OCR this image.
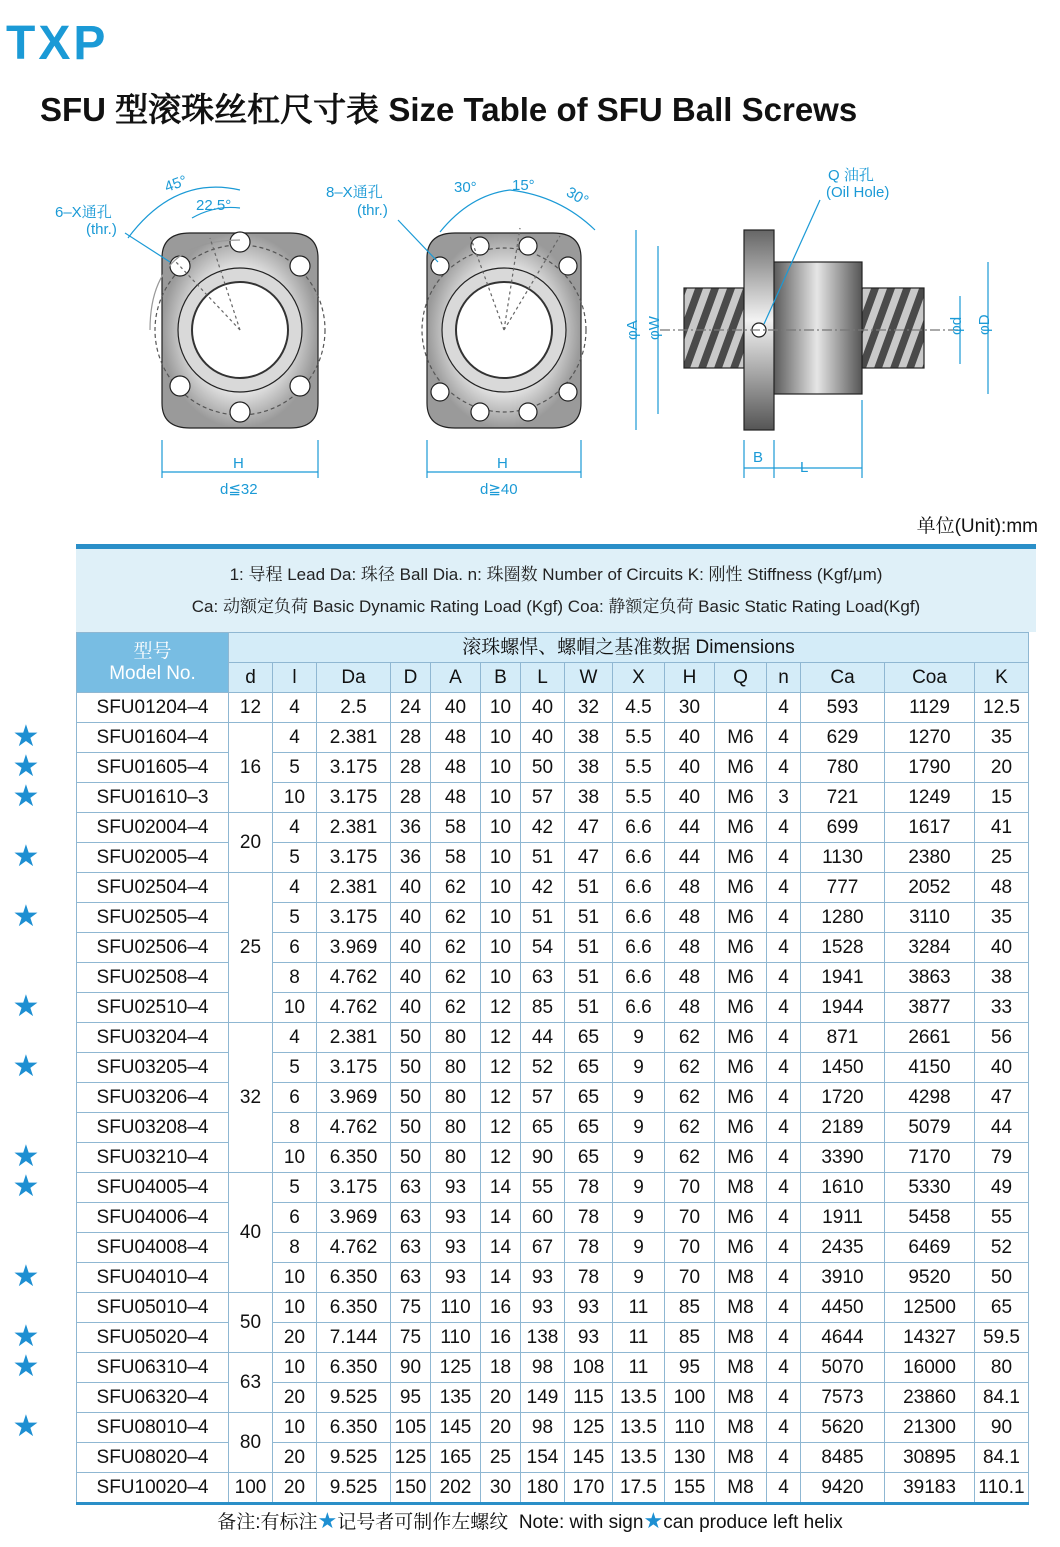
TXP
SFU 型滚珠丝杠尺寸表 Size Table of SFU Ball Screws
45°
22.5°
6–X通孔
(thr.)
H
d≦32
30° 15° 30°
8–X通孔
(thr.)
H
d≧40
Q 油孔
(Oil Hole)
φA φW	φd φD
B
L
单位(Unit):mm
1: 导程 Lead Da: 珠径 Ball Dia. n: 珠圈数 Number of Circuits K: 刚性 Stiffness (Kgf/μm)
Ca: 动额定负荷 Basic Dynamic Rating Load (Kgf) Coa: 静额定负荷 Basic Static Rating Load(Kgf)
型号
Model No.	滚珠螺悍、螺帽之基准数据 Dimensions														
	d	l	Da	D	A	B	L	W	X	H	Q	n	Ca	Coa	K
SFU01204–4	12	4	2.5	24	40	10	40	32	4.5	30		4	593	1129	12.5
SFU01604–4	16	4	2.381	28	48	10	40	38	5.5	40	M6	4	629	1270	35
SFU01605–4		5	3.175	28	48	10	50	38	5.5	40	M6	4	780	1790	20
SFU01610–3		10	3.175	28	48	10	57	38	5.5	40	M6	3	721	1249	15
SFU02004–4	20	4	2.381	36	58	10	42	47	6.6	44	M6	4	699	1617	41
SFU02005–4		5	3.175	36	58	10	51	47	6.6	44	M6	4	1130	2380	25
SFU02504–4	25	4	2.381	40	62	10	42	51	6.6	48	M6	4	777	2052	48
SFU02505–4		5	3.175	40	62	10	51	51	6.6	48	M6	4	1280	3110	35
SFU02506–4		6	3.969	40	62	10	54	51	6.6	48	M6	4	1528	3284	40
SFU02508–4		8	4.762	40	62	10	63	51	6.6	48	M6	4	1941	3863	38
SFU02510–4		10	4.762	40	62	12	85	51	6.6	48	M6	4	1944	3877	33
SFU03204–4	32	4	2.381	50	80	12	44	65	9	62	M6	4	871	2661	56
SFU03205–4		5	3.175	50	80	12	52	65	9	62	M6	4	1450	4150	40
SFU03206–4		6	3.969	50	80	12	57	65	9	62	M6	4	1720	4298	47
SFU03208–4		8	4.762	50	80	12	65	65	9	62	M6	4	2189	5079	44
SFU03210–4		10	6.350	50	80	12	90	65	9	62	M6	4	3390	7170	79
SFU04005–4	40	5	3.175	63	93	14	55	78	9	70	M8	4	1610	5330	49
SFU04006–4		6	3.969	63	93	14	60	78	9	70	M6	4	1911	5458	55
SFU04008–4		8	4.762	63	93	14	67	78	9	70	M6	4	2435	6469	52
SFU04010–4		10	6.350	63	93	14	93	78	9	70	M8	4	3910	9520	50
SFU05010–4	50	10	6.350	75	110	16	93	93	11	85	M8	4	4450	12500	65
SFU05020–4		20	7.144	75	110	16	138	93	11	85	M8	4	4644	14327	59.5
SFU06310–4	63	10	6.350	90	125	18	98	108	11	95	M8	4	5070	16000	80
SFU06320–4		20	9.525	95	135	20	149	115	13.5	100	M8	4	7573	23860	84.1
SFU08010–4	80	10	6.350	105	145	20	98	125	13.5	110	M8	4	5620	21300	90
SFU08020–4		20	9.525	125	165	25	154	145	13.5	130	M8	4	8485	30895	84.1
SFU10020–4	100	20	9.525	150	202	30	180	170	17.5	155	M8	4	9420	39183	110.1
★
★
★
★
★
★
★
★
★
★
★
★
★
备注:有标注★记号者可制作左螺纹 Note: with sign★can produce left helix
